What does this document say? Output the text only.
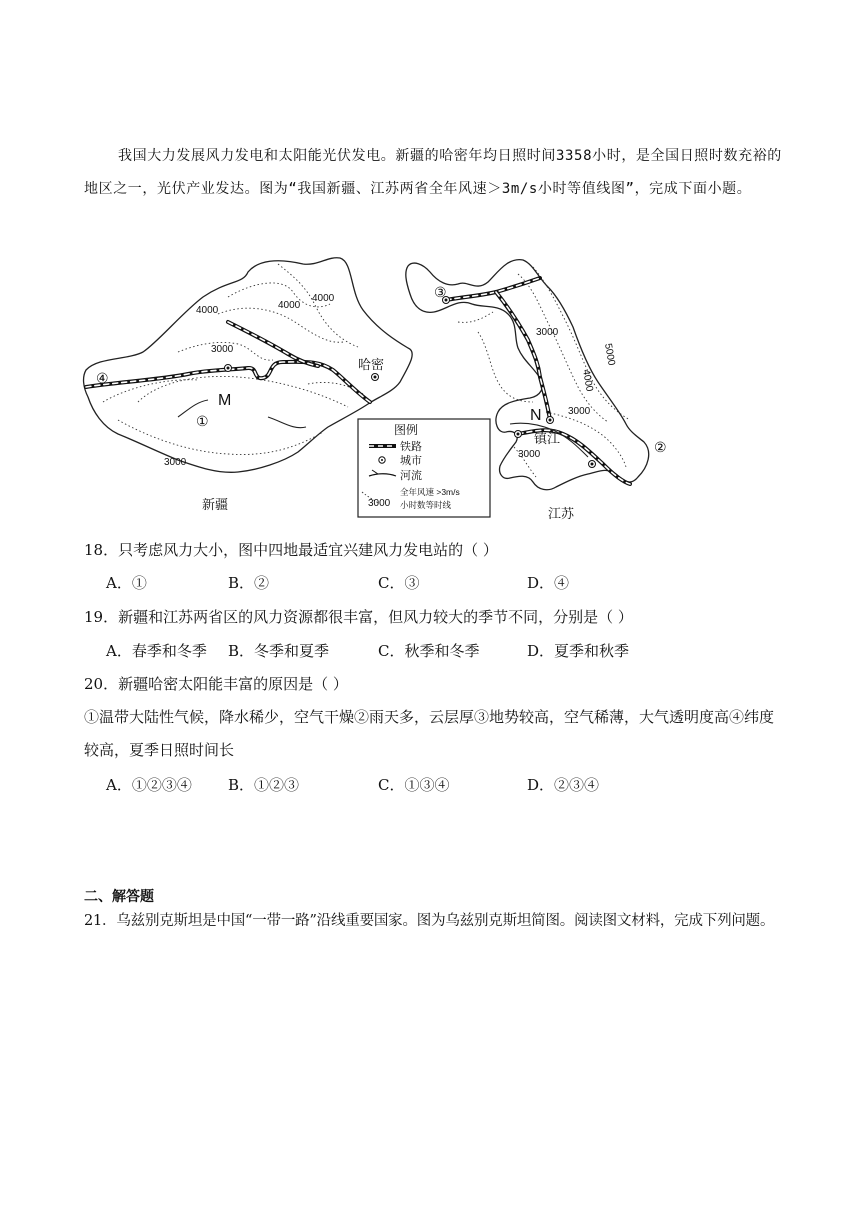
我国大力发展风力发电和太阳能光伏发电。新疆的哈密年均日照时间3358小时，是全国日照时数充裕的地区之一，光伏产业发达。图为“我国新疆、江苏两省全年风速＞3m/s小时等值线图”，完成下面小题。
④
①
③
②
M
N
哈密
镇江
新疆
江苏
4000	4000
4000
3000
3000
3000
4000
5000
3000
3000
图例
铁路
城市
河流
3000
全年风速 >3m/s
小时数等时线
18．只考虑风力大小，图中四地最适宜兴建风力发电站的（ ）
A．①	B．②	C．③	D．④
19．新疆和江苏两省区的风力资源都很丰富，但风力较大的季节不同，分别是（ ）
A．春季和冬季 B．冬季和夏季	C．秋季和冬季	D．夏季和秋季
20．新疆哈密太阳能丰富的原因是（ ）
①温带大陆性气候，降水稀少，空气干燥②雨天多，云层厚③地势较高，空气稀薄，大气透明度高④纬度
较高，夏季日照时间长
A．①②③④ B．①②③	C．①③④	D．②③④
二、解答题
21．乌兹别克斯坦是中国“一带一路”沿线重要国家。图为乌兹别克斯坦简图。阅读图文材料，完成下列问题。
